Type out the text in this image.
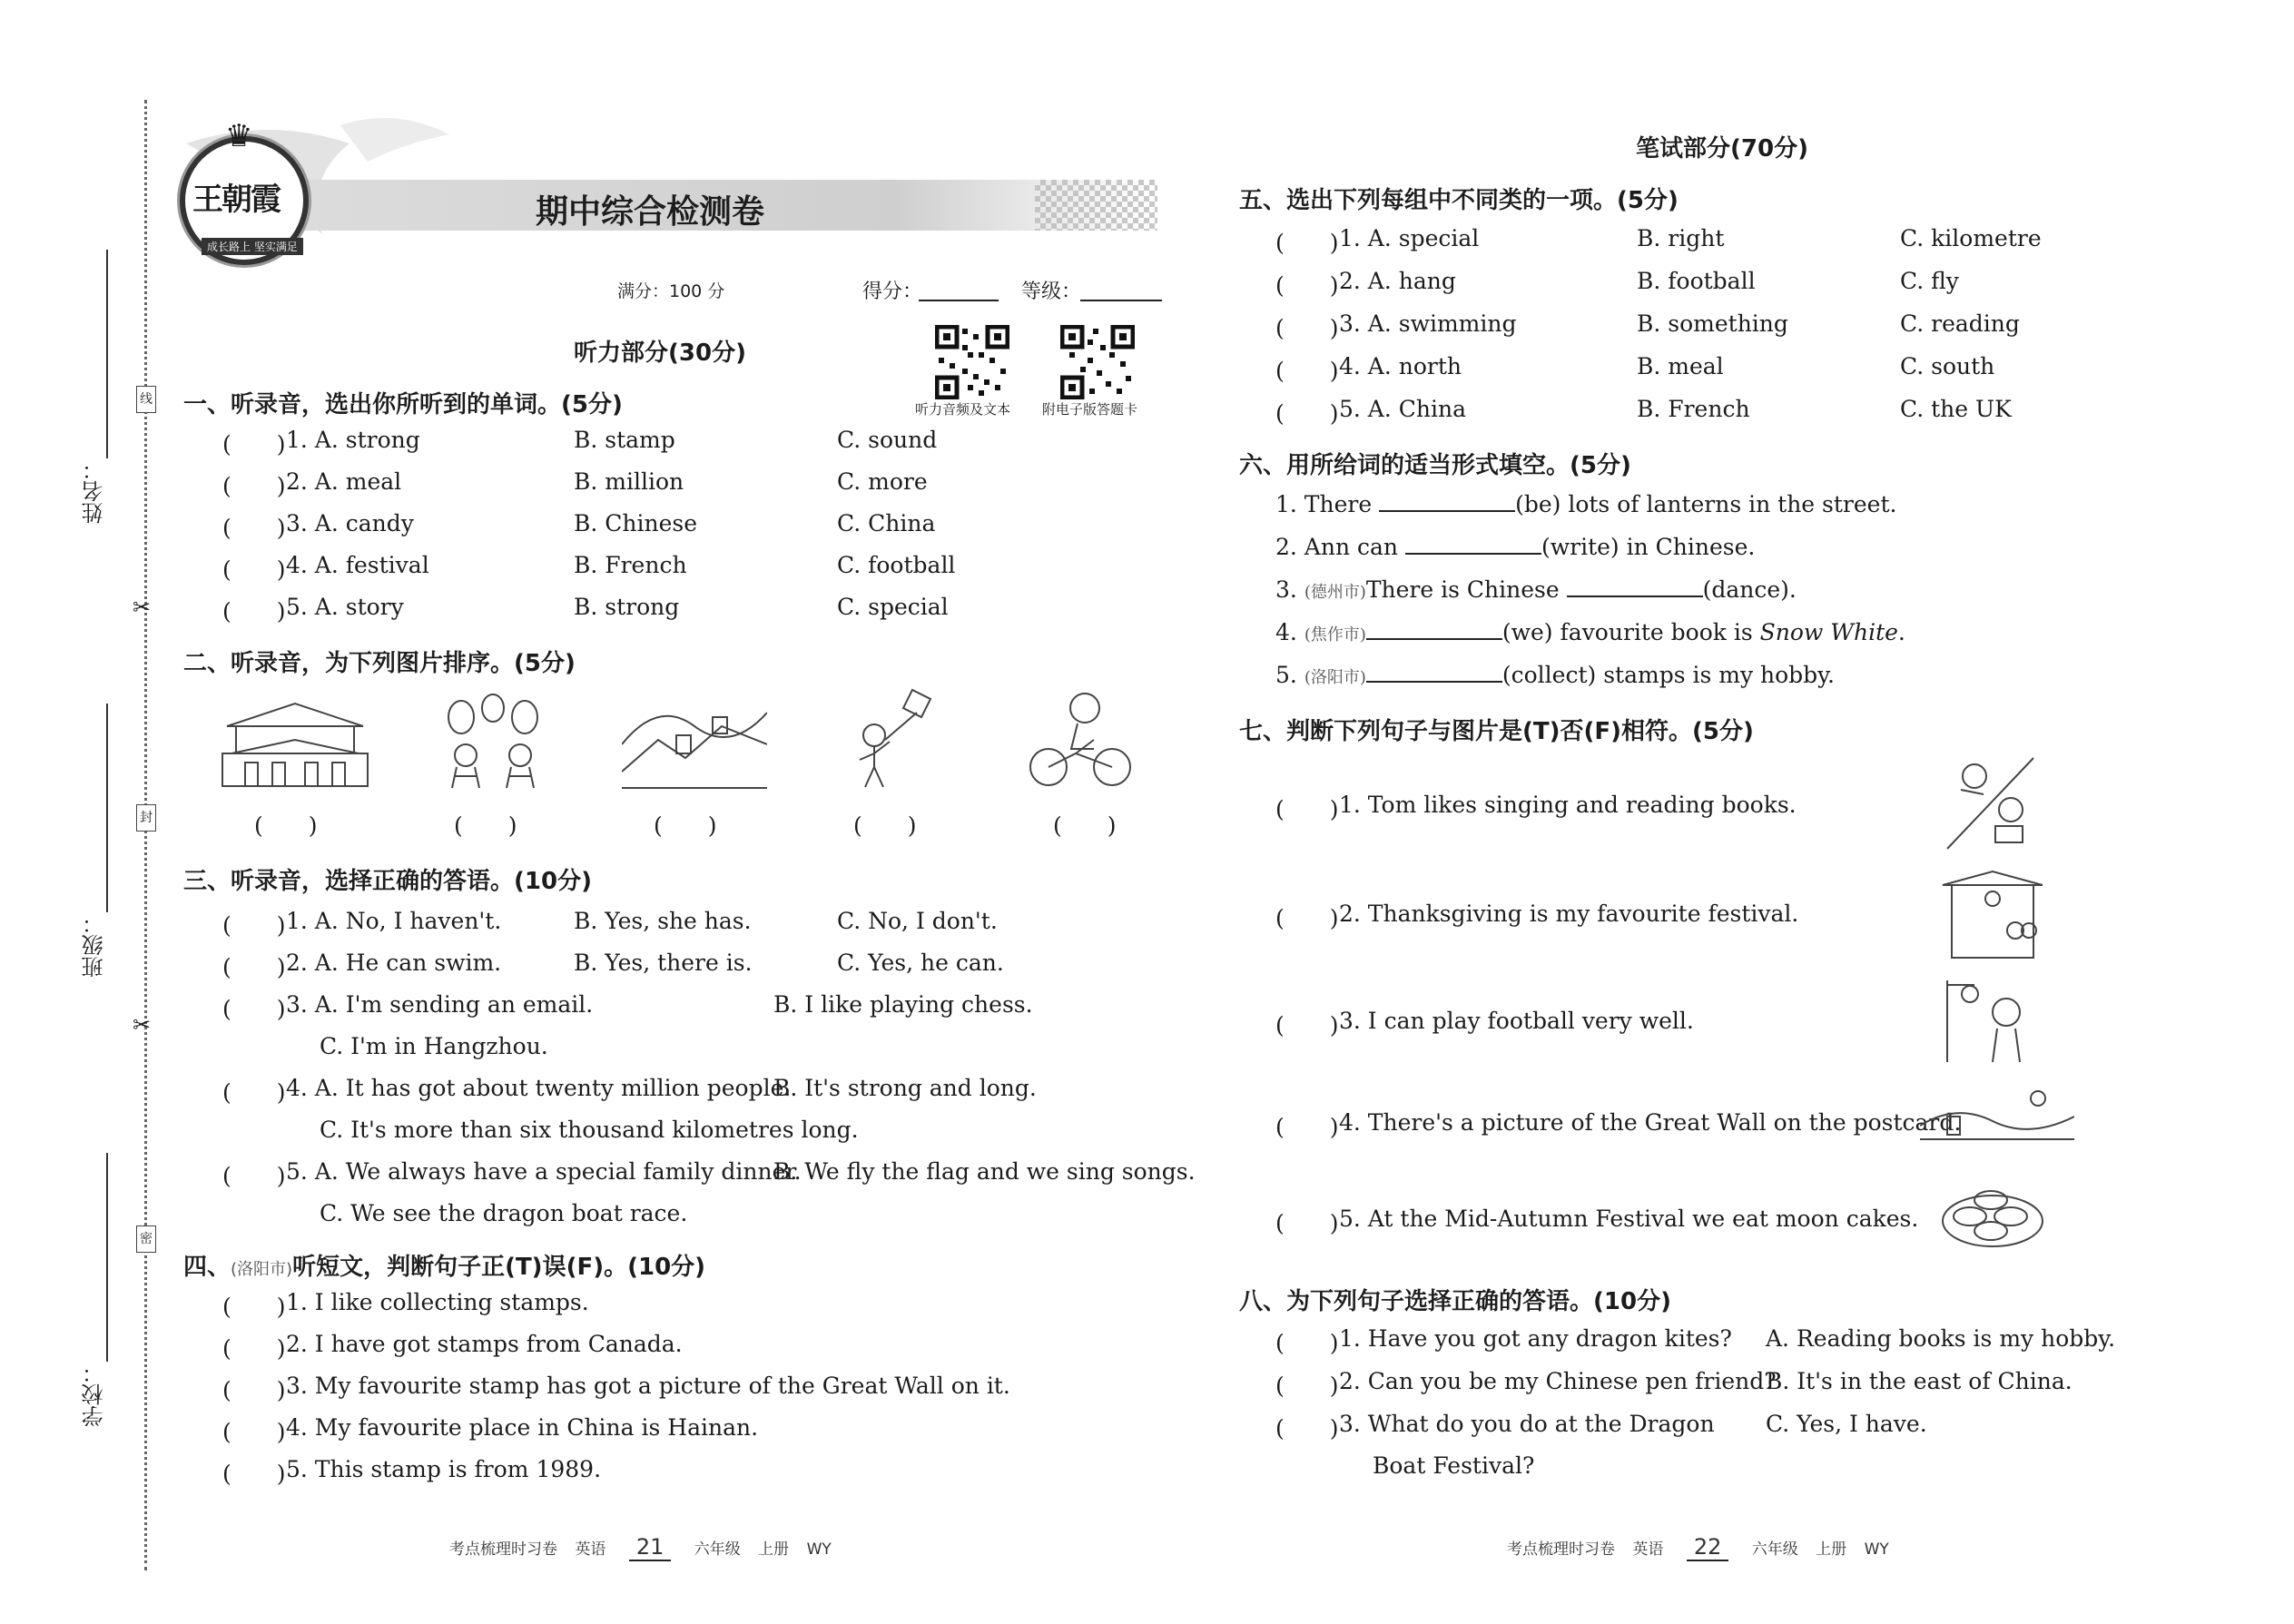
姓名：
班级：
学校：
线
封
密
✂
✂
♛
王朝霞
成长路上 坚实满足
期中综合检测卷
满分：100 分	得分：	等级：
听力音频及文本 附电子版答题卡
听力部分(30分)
一、听录音，选出你所听到的单词。(5分)
(　　) 1. A. strong	B. stamp	C. sound
(　　) 2. A. meal	B. million	C. more
(　　) 3. A. candy	B. Chinese	C. China
(　　) 4. A. festival	B. French	C. football
(　　) 5. A. story	B. strong	C. special
二、听录音，为下列图片排序。(5分)
(　　)	(　　)	(　　)	(　　)	(　　)
三、听录音，选择正确的答语。(10分)
(　　) 1. A. No, I haven't.	B. Yes, she has.	C. No, I don't.
(　　) 2. A. He can swim.	B. Yes, there is.	C. Yes, he can.
(　　) 3. A. I'm sending an email.	B. I like playing chess.
C. I'm in Hangzhou.
(　　) 4. A. It has got about twenty million people.
B. It's strong and long.
C. It's more than six thousand kilometres long.
(　　) 5. A. We always have a special family dinner.
B. We fly the flag and we sing songs.
C. We see the dragon boat race.
四、(洛阳市)听短文，判断句子正(T)误(F)。(10分)
(　　) 1. I like collecting stamps.
(　　) 2. I have got stamps from Canada.
(　　) 3. My favourite stamp has got a picture of the Great Wall on it.
(　　) 4. My favourite place in China is Hainan.
(　　) 5. This stamp is from 1989.
考点梳理时习卷 英语 21 六年级 上册 WY
笔试部分(70分)
五、选出下列每组中不同类的一项。(5分)
(　　) 1. A. special	B. right	C. kilometre
(　　) 2. A. hang	B. football	C. fly
(　　) 3. A. swimming	B. something	C. reading
(　　) 4. A. north	B. meal	C. south
(　　) 5. A. China	B. French	C. the UK
六、用所给词的适当形式填空。(5分)
1. There	(be) lots of lanterns in the street.
2. Ann can	(write) in Chinese.
3. (德州市)There is Chinese	(dance).
4. (焦作市)	(we) favourite book is Snow White.
5. (洛阳市)	(collect) stamps is my hobby.
七、判断下列句子与图片是(T)否(F)相符。(5分)
(　　) 1. Tom likes singing and reading books.
(　　) 2. Thanksgiving is my favourite festival.
(　　) 3. I can play football very well.
(　　) 4. There's a picture of the Great Wall on the postcard.
(　　) 5. At the Mid-Autumn Festival we eat moon cakes.
八、为下列句子选择正确的答语。(10分)
(　　) 1. Have you got any dragon kites? A. Reading books is my hobby.
(　　) 2. Can you be my Chinese pen friend?
B. It's in the east of China.
(　　) 3. What do you do at the Dragon C. Yes, I have.
Boat Festival?
考点梳理时习卷 英语 22 六年级 上册 WY
